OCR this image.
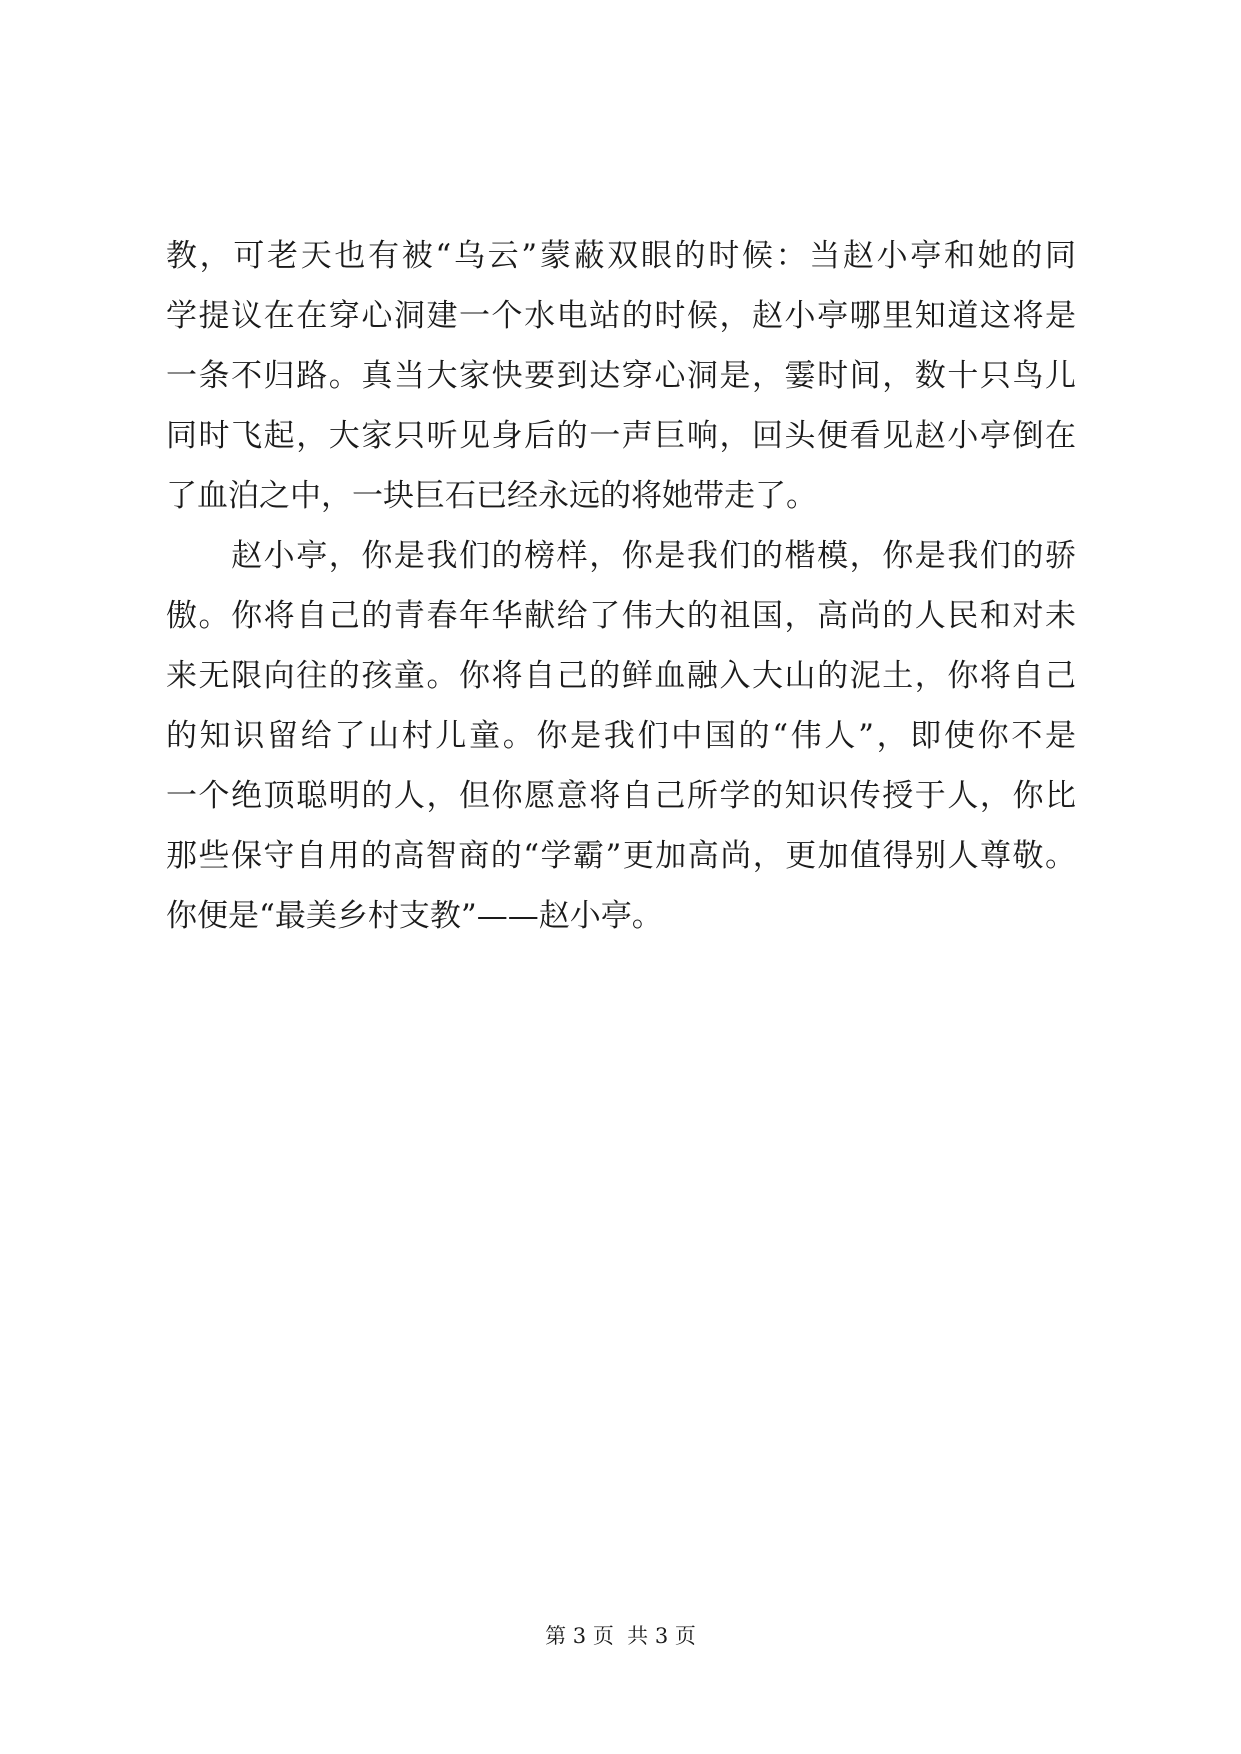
教，可老天也有被“乌云”蒙蔽双眼的时候：当赵小亭和她的同
学提议在在穿心洞建一个水电站的时候，赵小亭哪里知道这将是
一条不归路。真当大家快要到达穿心洞是，霎时间，数十只鸟儿
同时飞起，大家只听见身后的一声巨响，回头便看见赵小亭倒在
了血泊之中，一块巨石已经永远的将她带走了。
　　赵小亭，你是我们的榜样，你是我们的楷模，你是我们的骄
傲。你将自己的青春年华献给了伟大的祖国，高尚的人民和对未
来无限向往的孩童。你将自己的鲜血融入大山的泥土，你将自己
的知识留给了山村儿童。你是我们中国的“伟人”，即使你不是
一个绝顶聪明的人，但你愿意将自己所学的知识传授于人，你比
那些保守自用的高智商的“学霸”更加高尚，更加值得别人尊敬。
你便是“最美乡村支教”——赵小亭。
第 3 页  共 3 页
